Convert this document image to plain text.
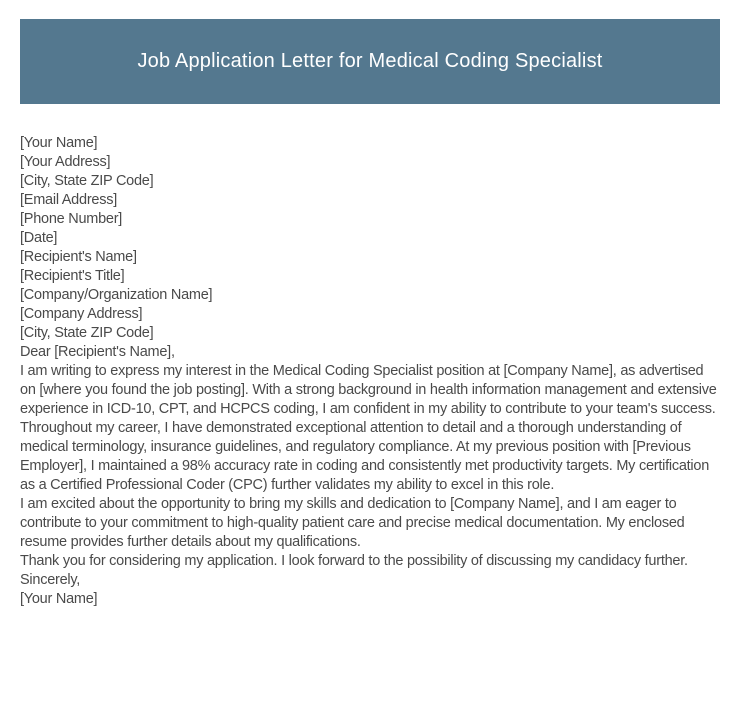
Job Application Letter for Medical Coding Specialist
[Your Name]
[Your Address]
[City, State ZIP Code]
[Email Address]
[Phone Number]
[Date]
[Recipient's Name]
[Recipient's Title]
[Company/Organization Name]
[Company Address]
[City, State ZIP Code]
Dear [Recipient's Name],

I am writing to express my interest in the Medical Coding Specialist position at [Company Name], as advertised on [where you found the job posting]. With a strong background in health information management and extensive experience in ICD-10, CPT, and HCPCS coding, I am confident in my ability to contribute to your team's success.

Throughout my career, I have demonstrated exceptional attention to detail and a thorough understanding of medical terminology, insurance guidelines, and regulatory compliance. At my previous position with [Previous Employer], I maintained a 98% accuracy rate in coding and consistently met productivity targets. My certification as a Certified Professional Coder (CPC) further validates my ability to excel in this role.

I am excited about the opportunity to bring my skills and dedication to [Company Name], and I am eager to contribute to your commitment to high-quality patient care and precise medical documentation. My enclosed resume provides further details about my qualifications.

Thank you for considering my application. I look forward to the possibility of discussing my candidacy further.

Sincerely,
[Your Name]
